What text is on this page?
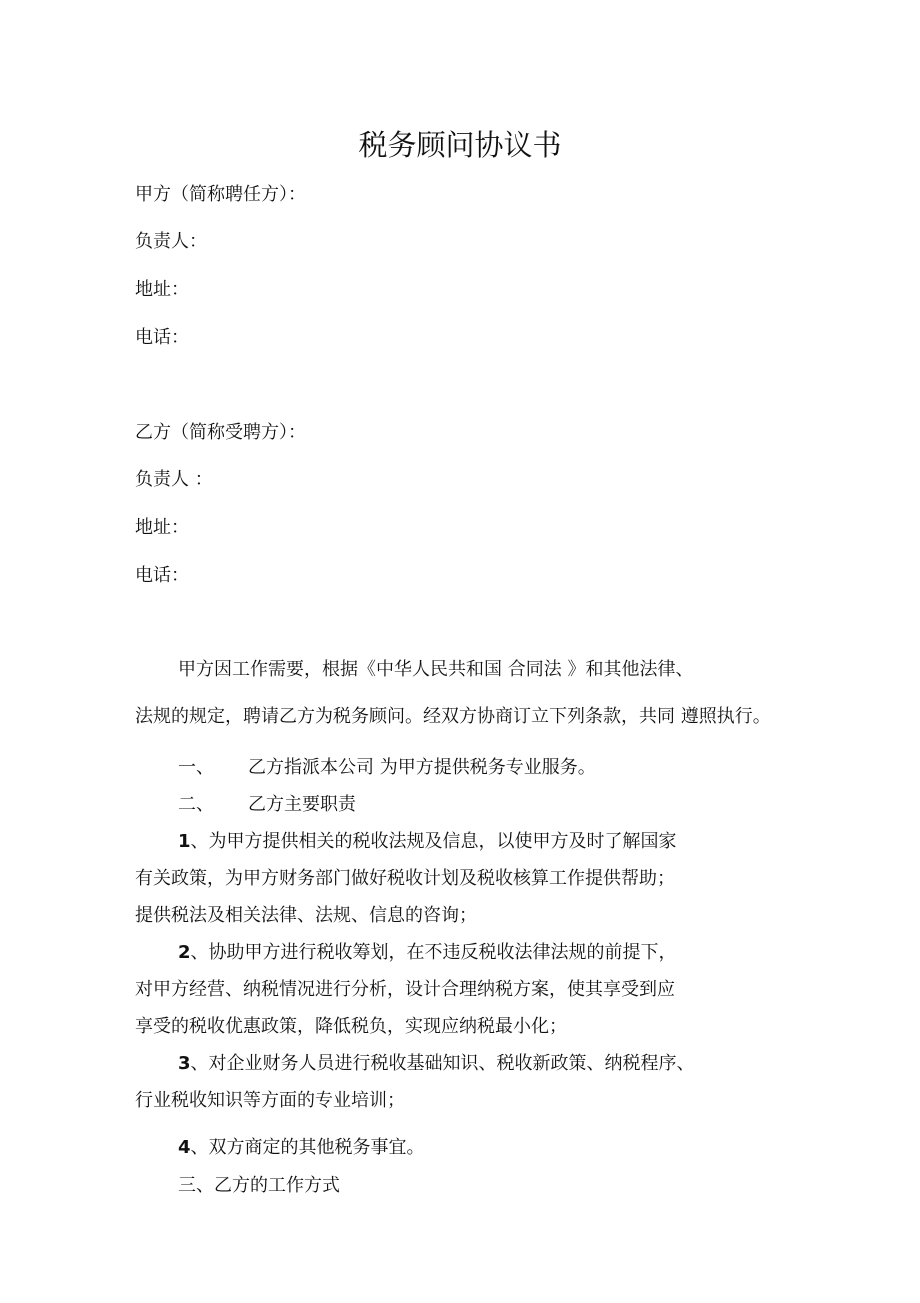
税务顾问协议书
甲方（简称聘任方）：
负责人：
地址：
电话：
乙方（简称受聘方）：
负责人 ：
地址：
电话：
甲方因工作需要，根据《中华人民共和国 合同法 》和其他法律、
法规的规定，聘请乙方为税务顾问。经双方协商订立下列条款，共同 遵照执行。
一、 乙方指派本公司 为甲方提供税务专业服务。
二、 乙方主要职责
1、为甲方提供相关的税收法规及信息，以使甲方及时了解国家
有关政策，为甲方财务部门做好税收计划及税收核算工作提供帮助；
提供税法及相关法律、法规、信息的咨询；
2、协助甲方进行税收筹划，在不违反税收法律法规的前提下，
对甲方经营、纳税情况进行分析，设计合理纳税方案，使其享受到应
享受的税收优惠政策，降低税负，实现应纳税最小化；
3、对企业财务人员进行税收基础知识、税收新政策、纳税程序、
行业税收知识等方面的专业培训；
4、双方商定的其他税务事宜。
三、乙方的工作方式
